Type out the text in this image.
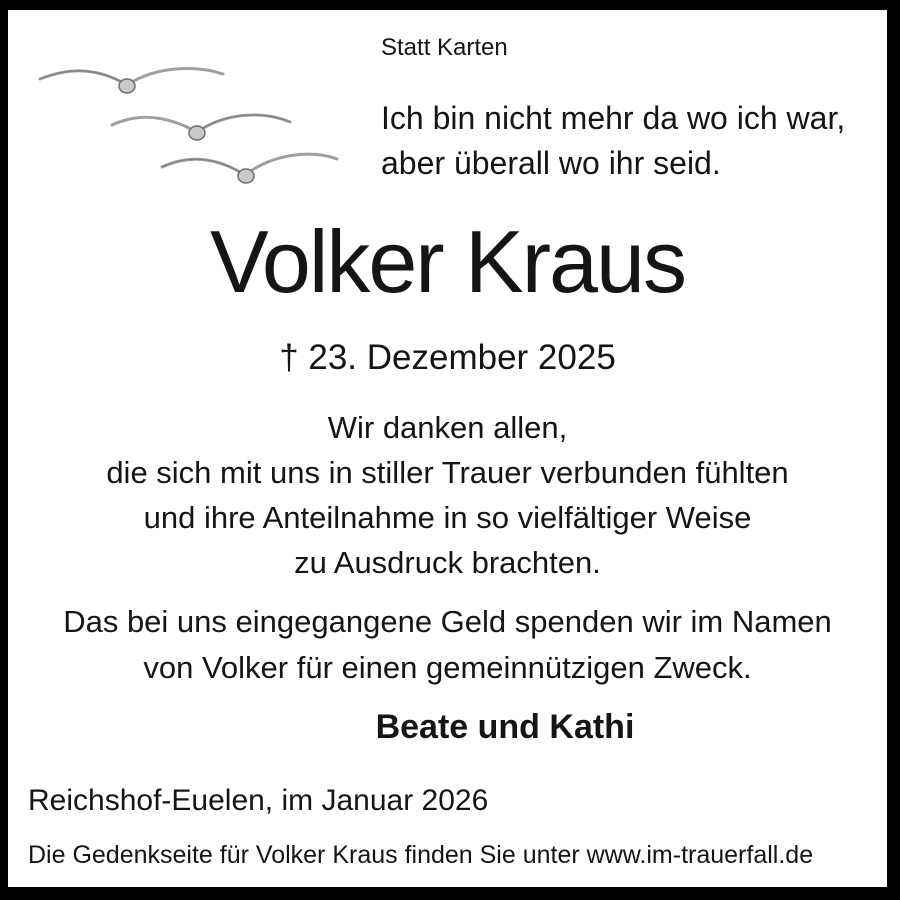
Statt Karten
Ich bin nicht mehr da wo ich war,
aber überall wo ihr seid.
Volker Kraus
† 23. Dezember 2025
Wir danken allen,
die sich mit uns in stiller Trauer verbunden fühlten
und ihre Anteilnahme in so vielfältiger Weise
zu Ausdruck brachten.
Das bei uns eingegangene Geld spenden wir im Namen
von Volker für einen gemeinnützigen Zweck.
Beate und Kathi
Reichshof-Euelen, im Januar 2026
Die Gedenkseite für Volker Kraus finden Sie unter www.im-trauerfall.de
